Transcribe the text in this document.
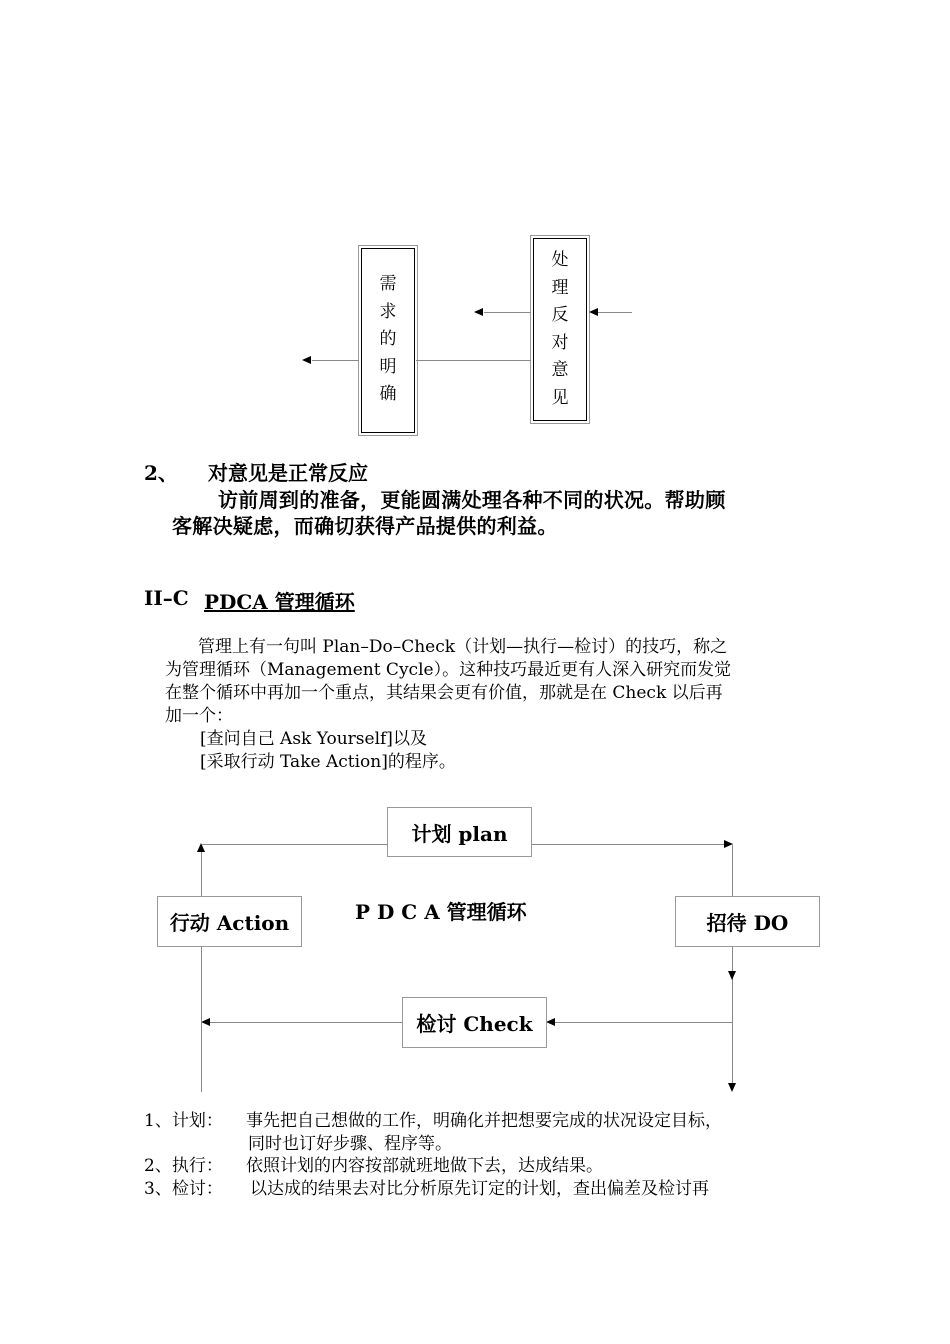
需
求
的
明
确
处
理
反
对
意
见
2、 对意见是正常反应
访前周到的准备，更能圆满处理各种不同的状况。帮助顾
客解决疑虑，而确切获得产品提供的利益。
II–C PDCA 管理循环
管理上有一句叫 Plan–Do–Check（计划—执行—检讨）的技巧，称之
为管理循环（Management Cycle）。这种技巧最近更有人深入研究而发觉
在整个循环中再加一个重点，其结果会更有价值，那就是在 Check 以后再
加一个：
[查问自己 Ask Yourself]以及
[采取行动 Take Action]的程序。
计划 plan
行动 Action	招待 DO
检讨 Check
P D C A 管理循环
1、计划： 事先把自己想做的工作，明确化并把想要完成的状况设定目标，
同时也订好步骤、程序等。
2、执行： 依照计划的内容按部就班地做下去，达成结果。
3、检讨： 以达成的结果去对比分析原先订定的计划，查出偏差及检讨再
